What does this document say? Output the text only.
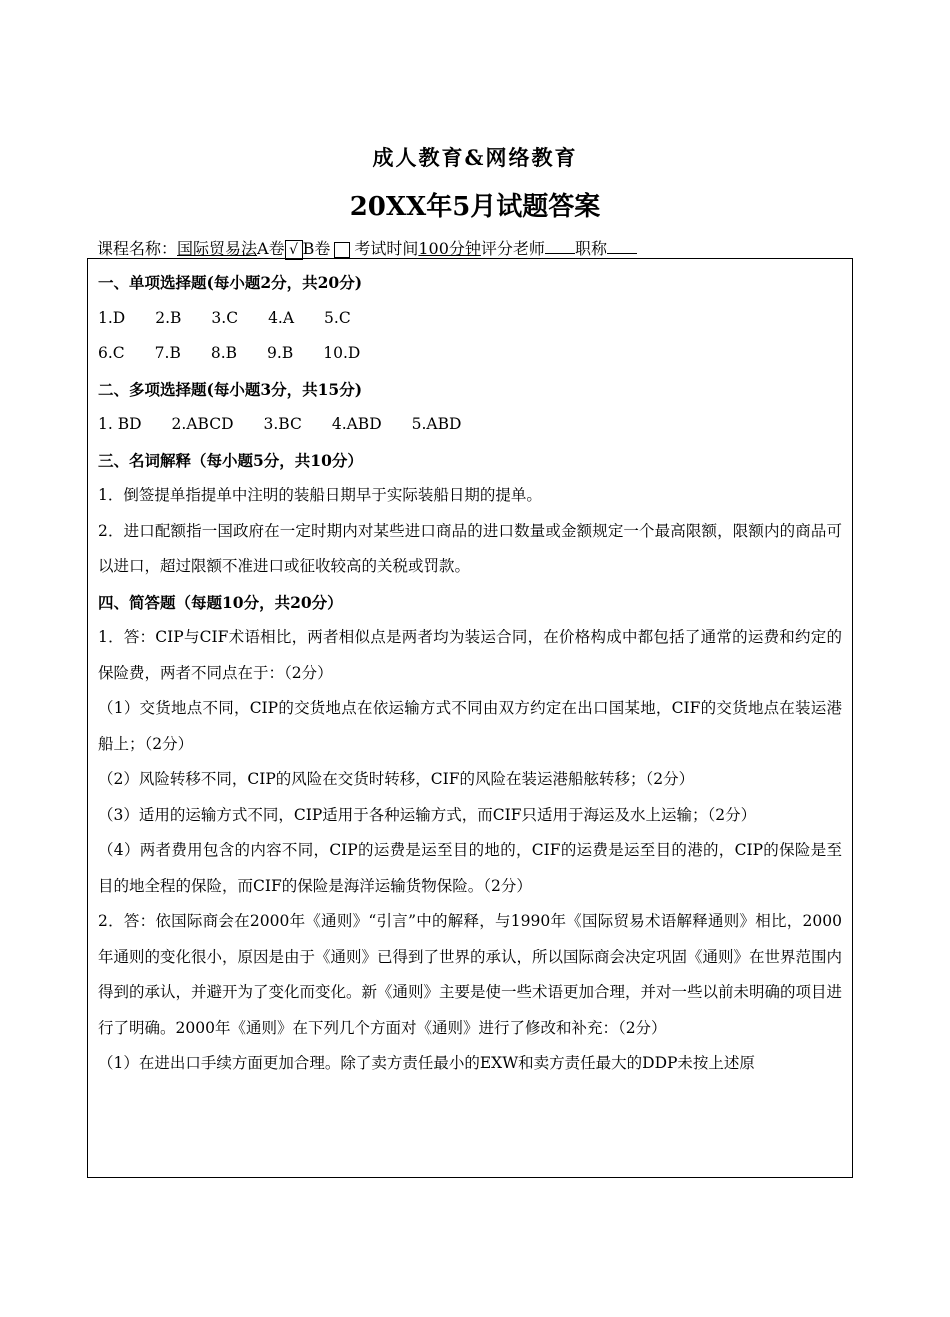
成人教育&网络教育
20XX年5月试题答案
课程名称：国际贸易法A卷 √ B卷 考试时间100分钟评分老师 职称
一、单项选择题(每小题2分，共20分)
1.D 2.B 3.C 4.A 5.C
6.C 7.B 8.B 9.B 10.D
二、多项选择题(每小题3分，共15分)
1. BD 2.ABCD 3.BC 4.ABD 5.ABD
三、名词解释（每小题5分，共10分）
1．倒签提单指提单中注明的装船日期早于实际装船日期的提单。
2．进口配额指一国政府在一定时期内对某些进口商品的进口数量或金额规定一个最高限额，限额内的商品可以进口，超过限额不准进口或征收较高的关税或罚款。
四、简答题（每题10分，共20分）
1．答：CIP与CIF术语相比，两者相似点是两者均为装运合同，在价格构成中都包括了通常的运费和约定的保险费，两者不同点在于：（2分）
（1）交货地点不同，CIP的交货地点在依运输方式不同由双方约定在出口国某地，CIF的交货地点在装运港船上；（2分）
（2）风险转移不同，CIP的风险在交货时转移，CIF的风险在装运港船舷转移；（2分）
（3）适用的运输方式不同，CIP适用于各种运输方式，而CIF只适用于海运及水上运输；（2分）
（4）两者费用包含的内容不同，CIP的运费是运至目的地的，CIF的运费是运至目的港的，CIP的保险是至目的地全程的保险，而CIF的保险是海洋运输货物保险。（2分）
2．答：依国际商会在2000年《通则》“引言”中的解释，与1990年《国际贸易术语解释通则》相比，2000年通则的变化很小，原因是由于《通则》已得到了世界的承认，所以国际商会决定巩固《通则》在世界范围内得到的承认，并避开为了变化而变化。新《通则》主要是使一些术语更加合理，并对一些以前未明确的项目进行了明确。2000年《通则》在下列几个方面对《通则》进行了修改和补充：（2分）
（1）在进出口手续方面更加合理。除了卖方责任最小的EXW和卖方责任最大的DDP未按上述原
